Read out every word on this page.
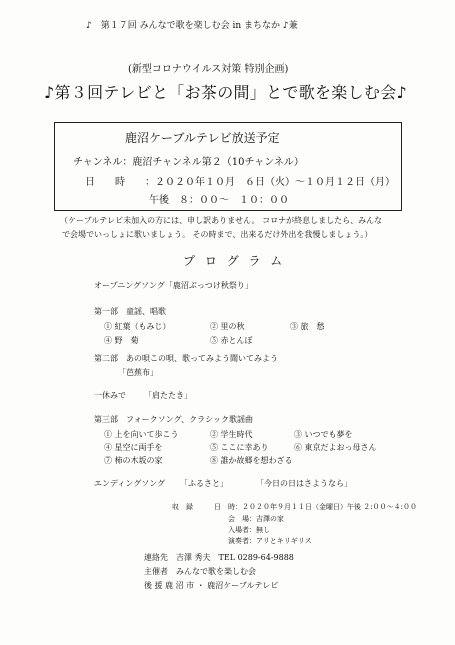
♪　第１７回 みんなで歌を楽しむ会 in まちなか ♪兼
(新型コロナウイルス対策 特別企画)
♪第３回テレビと「お茶の間」とで歌を楽しむ会♪
鹿沼ケーブルテレビ放送予定
チャンネル：鹿沼チャンネル第２（10チャンネル）
日　　時 ：２０２０年１０月　６日（火）〜１０月１２日（月）
午後　８：００〜　１０：００
（ケーブルテレビ未加入の方には、申し訳ありません。 コロナが終息しましたら、みんな
で会場でいっしょに歌いましょう。 その時まで、出来るだけ外出を我慢しましょう。）
プ ロ グ ラ ム
オープニングソング「鹿沼ぶっつけ秋祭り」
第一部　童謡、唱歌
① 紅葉（もみじ）	② 里の秋	③ 旅　愁
④ 野　菊	⑤ 赤とんぼ
第二部　あの唄この唄、歌ってみよう聞いてみよう
「芭蕉布」
一休みで 「肩たたき」
第三部　フォークソング、クラシック歌謡曲
① 上を向いて歩こう	② 学生時代	③ いつでも夢を
④ 星空に両手を	⑤ ここに幸あり	⑥ 東京だよおっ母さん
⑦ 柿の木坂の家	⑧ 誰か故郷を想わざる
エンディングソング 「ふるさと」	「今日の日はさようなら」
収　録	日　時：２０２０年９月１１日（金曜日）午後 ２:００〜４:００
会　場：吉澤の家
入場者：無し
演奏者：アリとキリギリス
連絡先　吉澤 秀夫　TEL 0289-64-9888
主催者　みんなで歌を楽しむ会
後 援 鹿 沼 市 ・ 鹿沼ケーブルテレビ
